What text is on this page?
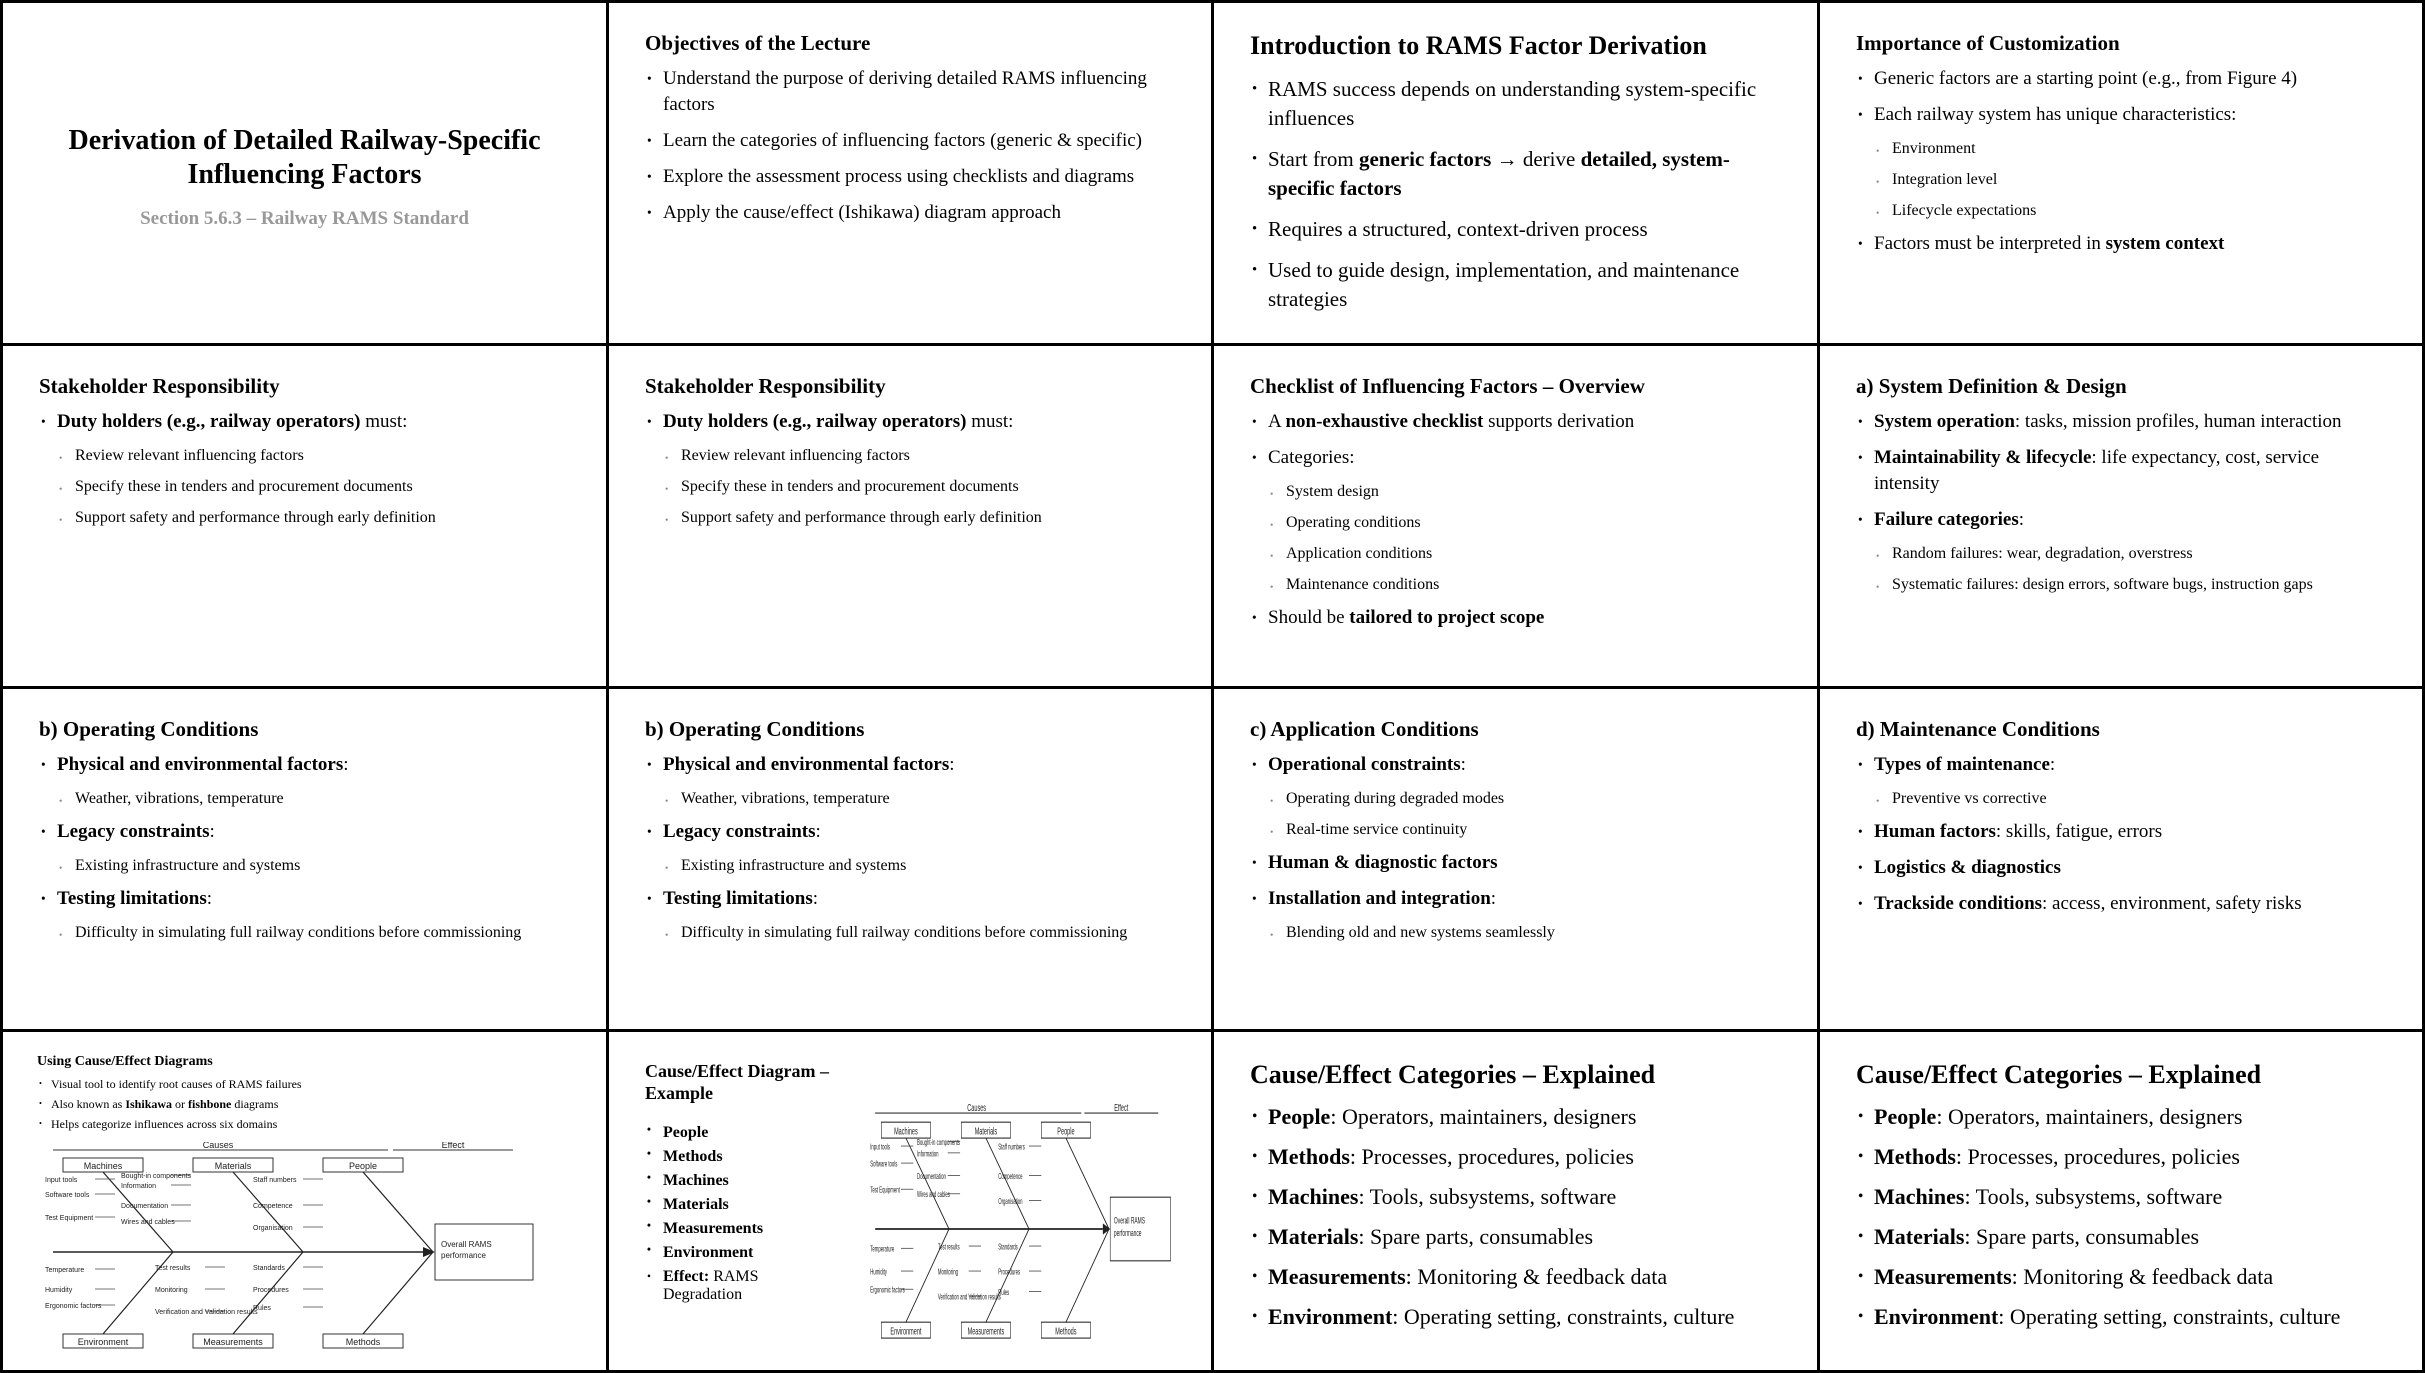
Derivation of Detailed Railway-Specific Influencing Factors
Section 5.6.3 – Railway RAMS Standard
Objectives of the Lecture
• Understand the purpose of deriving detailed RAMS influencing factors
• Learn the categories of influencing factors (generic & specific)
• Explore the assessment process using checklists and diagrams
• Apply the cause/effect (Ishikawa) diagram approach
Introduction to RAMS Factor Derivation
• RAMS success depends on understanding system-specific influences
• Start from generic factors → derive detailed, system-specific factors
• Requires a structured, context-driven process
• Used to guide design, implementation, and maintenance strategies
Importance of Customization
• Generic factors are a starting point (e.g., from Figure 4)
• Each railway system has unique characteristics:
• Environment
• Integration level
• Lifecycle expectations
• Factors must be interpreted in system context
Stakeholder Responsibility
• Duty holders (e.g., railway operators) must:
• Review relevant influencing factors
• Specify these in tenders and procurement documents
• Support safety and performance through early definition
Stakeholder Responsibility
• Duty holders (e.g., railway operators) must:
• Review relevant influencing factors
• Specify these in tenders and procurement documents
• Support safety and performance through early definition
Checklist of Influencing Factors – Overview
• A non-exhaustive checklist supports derivation
• Categories:
• System design
• Operating conditions
• Application conditions
• Maintenance conditions
• Should be tailored to project scope
a) System Definition & Design
• System operation: tasks, mission profiles, human interaction
• Maintainability & lifecycle: life expectancy, cost, service intensity
• Failure categories:
• Random failures: wear, degradation, overstress
• Systematic failures: design errors, software bugs, instruction gaps
b) Operating Conditions
• Physical and environmental factors:
• Weather, vibrations, temperature
• Legacy constraints:
• Existing infrastructure and systems
• Testing limitations:
• Difficulty in simulating full railway conditions before commissioning
b) Operating Conditions
• Physical and environmental factors:
• Weather, vibrations, temperature
• Legacy constraints:
• Existing infrastructure and systems
• Testing limitations:
• Difficulty in simulating full railway conditions before commissioning
c) Application Conditions
• Operational constraints:
• Operating during degraded modes
• Real-time service continuity
• Human & diagnostic factors
• Installation and integration:
• Blending old and new systems seamlessly
d) Maintenance Conditions
• Types of maintenance:
• Preventive vs corrective
• Human factors: skills, fatigue, errors
• Logistics & diagnostics
• Trackside conditions: access, environment, safety risks
Using Cause/Effect Diagrams
• Visual tool to identify root causes of RAMS failures
• Also known as Ishikawa or fishbone diagrams
• Helps categorize influences across six domains
Causes	Effect
Overall RAMS
performance
Machines	Materials	People
Environment	Measurements	Methods
Input tools
Software tools
Test Equipment
Bought-in components
Information
Documentation
Wires and cables
Staff numbers
Competence
Organisation
Temperature
Humidity
Ergonomic factors
Test results
Monitoring
Verification and Validation results
Standards
Procedures
Rules
Cause/Effect Diagram – Example
• People
• Methods
• Machines
• Materials
• Measurements
• Environment
• Effect: RAMS Degradation
Causes	Effect
Overall RAMS
performance
Machines	Materials	People
Environment	Measurements	Methods
Input tools
Software tools
Test Equipment
Bought-in components
Information
Documentation
Wires and cables
Staff numbers
Competence
Organisation
Temperature
Humidity
Ergonomic factors
Test results
Monitoring
Verification and Validation results
Standards
Procedures
Rules
Cause/Effect Categories – Explained
• People: Operators, maintainers, designers
• Methods: Processes, procedures, policies
• Machines: Tools, subsystems, software
• Materials: Spare parts, consumables
• Measurements: Monitoring & feedback data
• Environment: Operating setting, constraints, culture
Cause/Effect Categories – Explained
• People: Operators, maintainers, designers
• Methods: Processes, procedures, policies
• Machines: Tools, subsystems, software
• Materials: Spare parts, consumables
• Measurements: Monitoring & feedback data
• Environment: Operating setting, constraints, culture
